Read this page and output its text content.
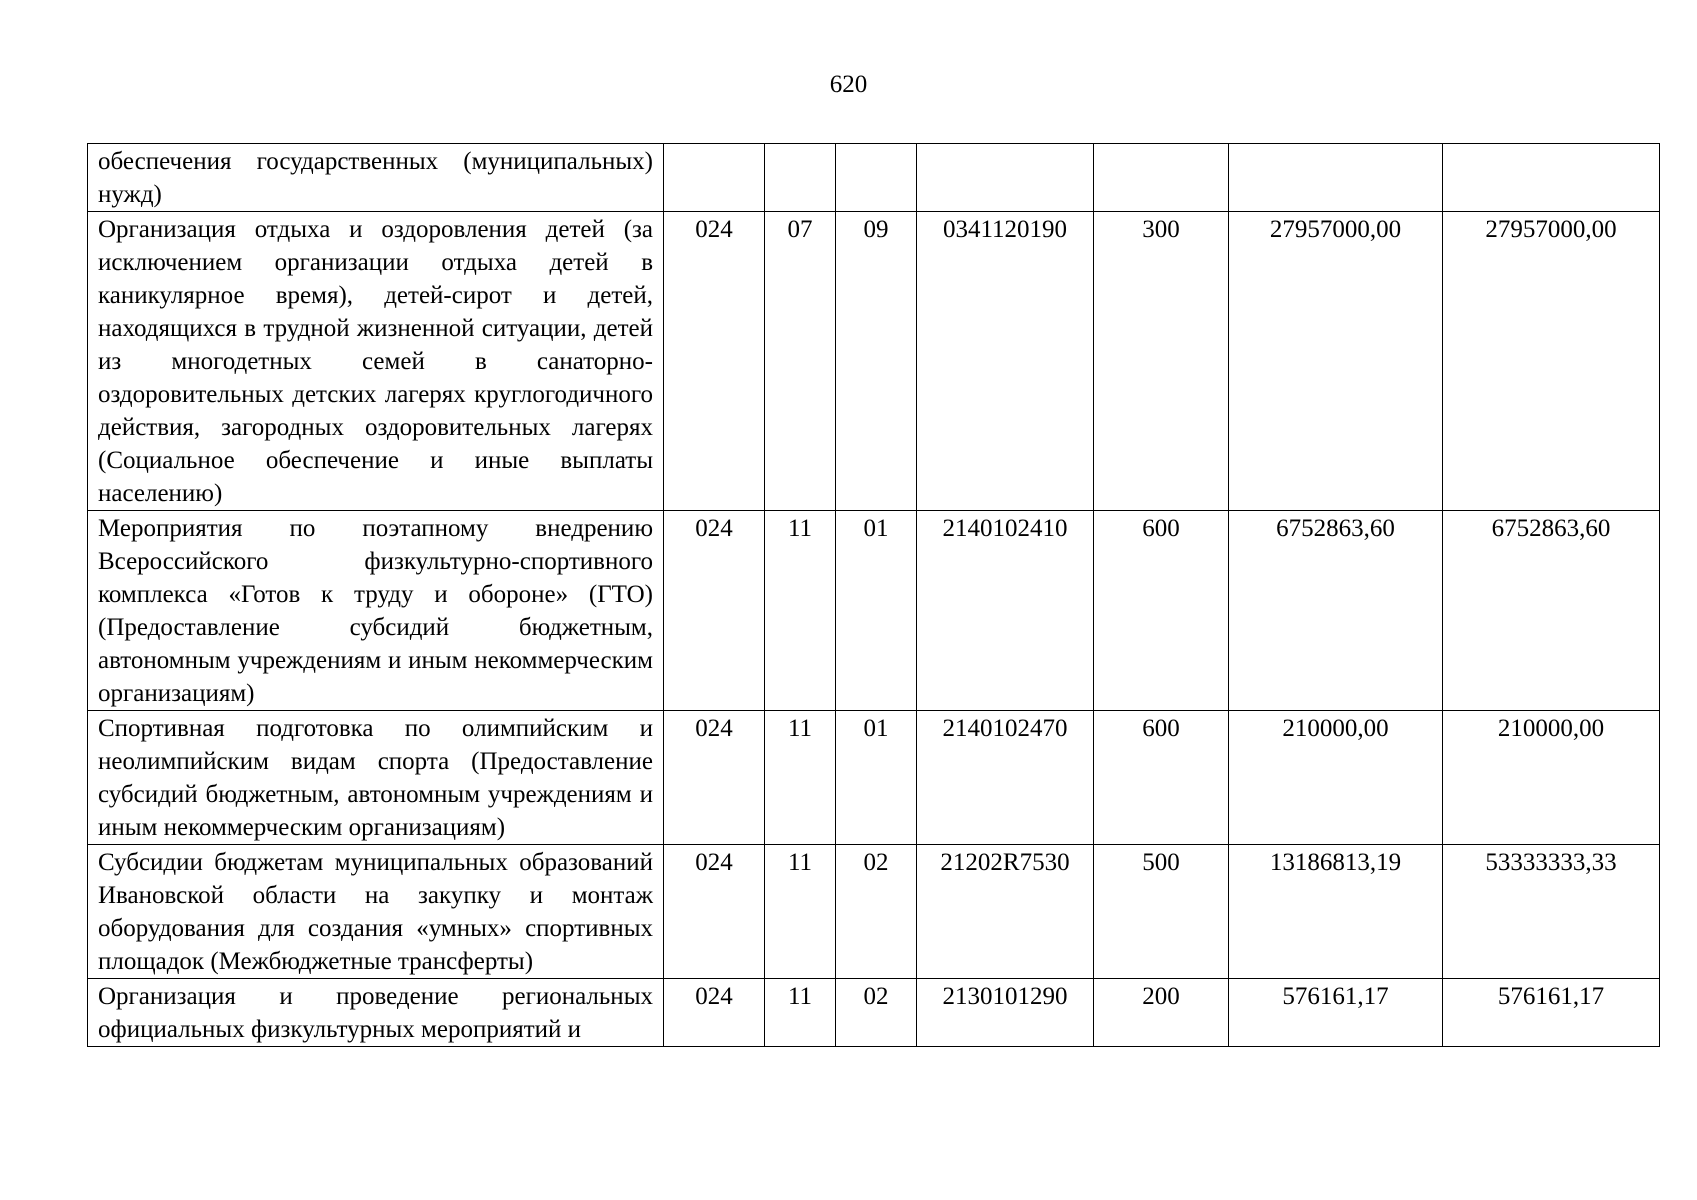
620
обеспечения государственных (муниципальных) нужд)							
Организация отдыха и оздоровления детей (за исключением организации отдыха детей в каникулярное время), детей-сирот и детей, находящихся в трудной жизненной ситуации, детей из многодетных семей в санаторно-оздоровительных детских лагерях круглогодичного действия, загородных оздоровительных лагерях (Социальное обеспечение и иные выплаты населению)	024	07	09	0341120190	300	27957000,00	27957000,00
Мероприятия по поэтапному внедрению Всероссийского физкультурно-спортивного комплекса «Готов к труду и обороне» (ГТО) (Предоставление субсидий бюджетным, автономным учреждениям и иным некоммерческим организациям)	024	11	01	2140102410	600	6752863,60	6752863,60
Спортивная подготовка по олимпийским и неолимпийским видам спорта (Предоставление субсидий бюджетным, автономным учреждениям и иным некоммерческим организациям)	024	11	01	2140102470	600	210000,00	210000,00
Субсидии бюджетам муниципальных образований Ивановской области на закупку и монтаж оборудования для создания «умных» спортивных площадок (Межбюджетные трансферты)	024	11	02	21202R7530	500	13186813,19	53333333,33
Организация и проведение региональных официальных физкультурных мероприятий и	024	11	02	2130101290	200	576161,17	576161,17
